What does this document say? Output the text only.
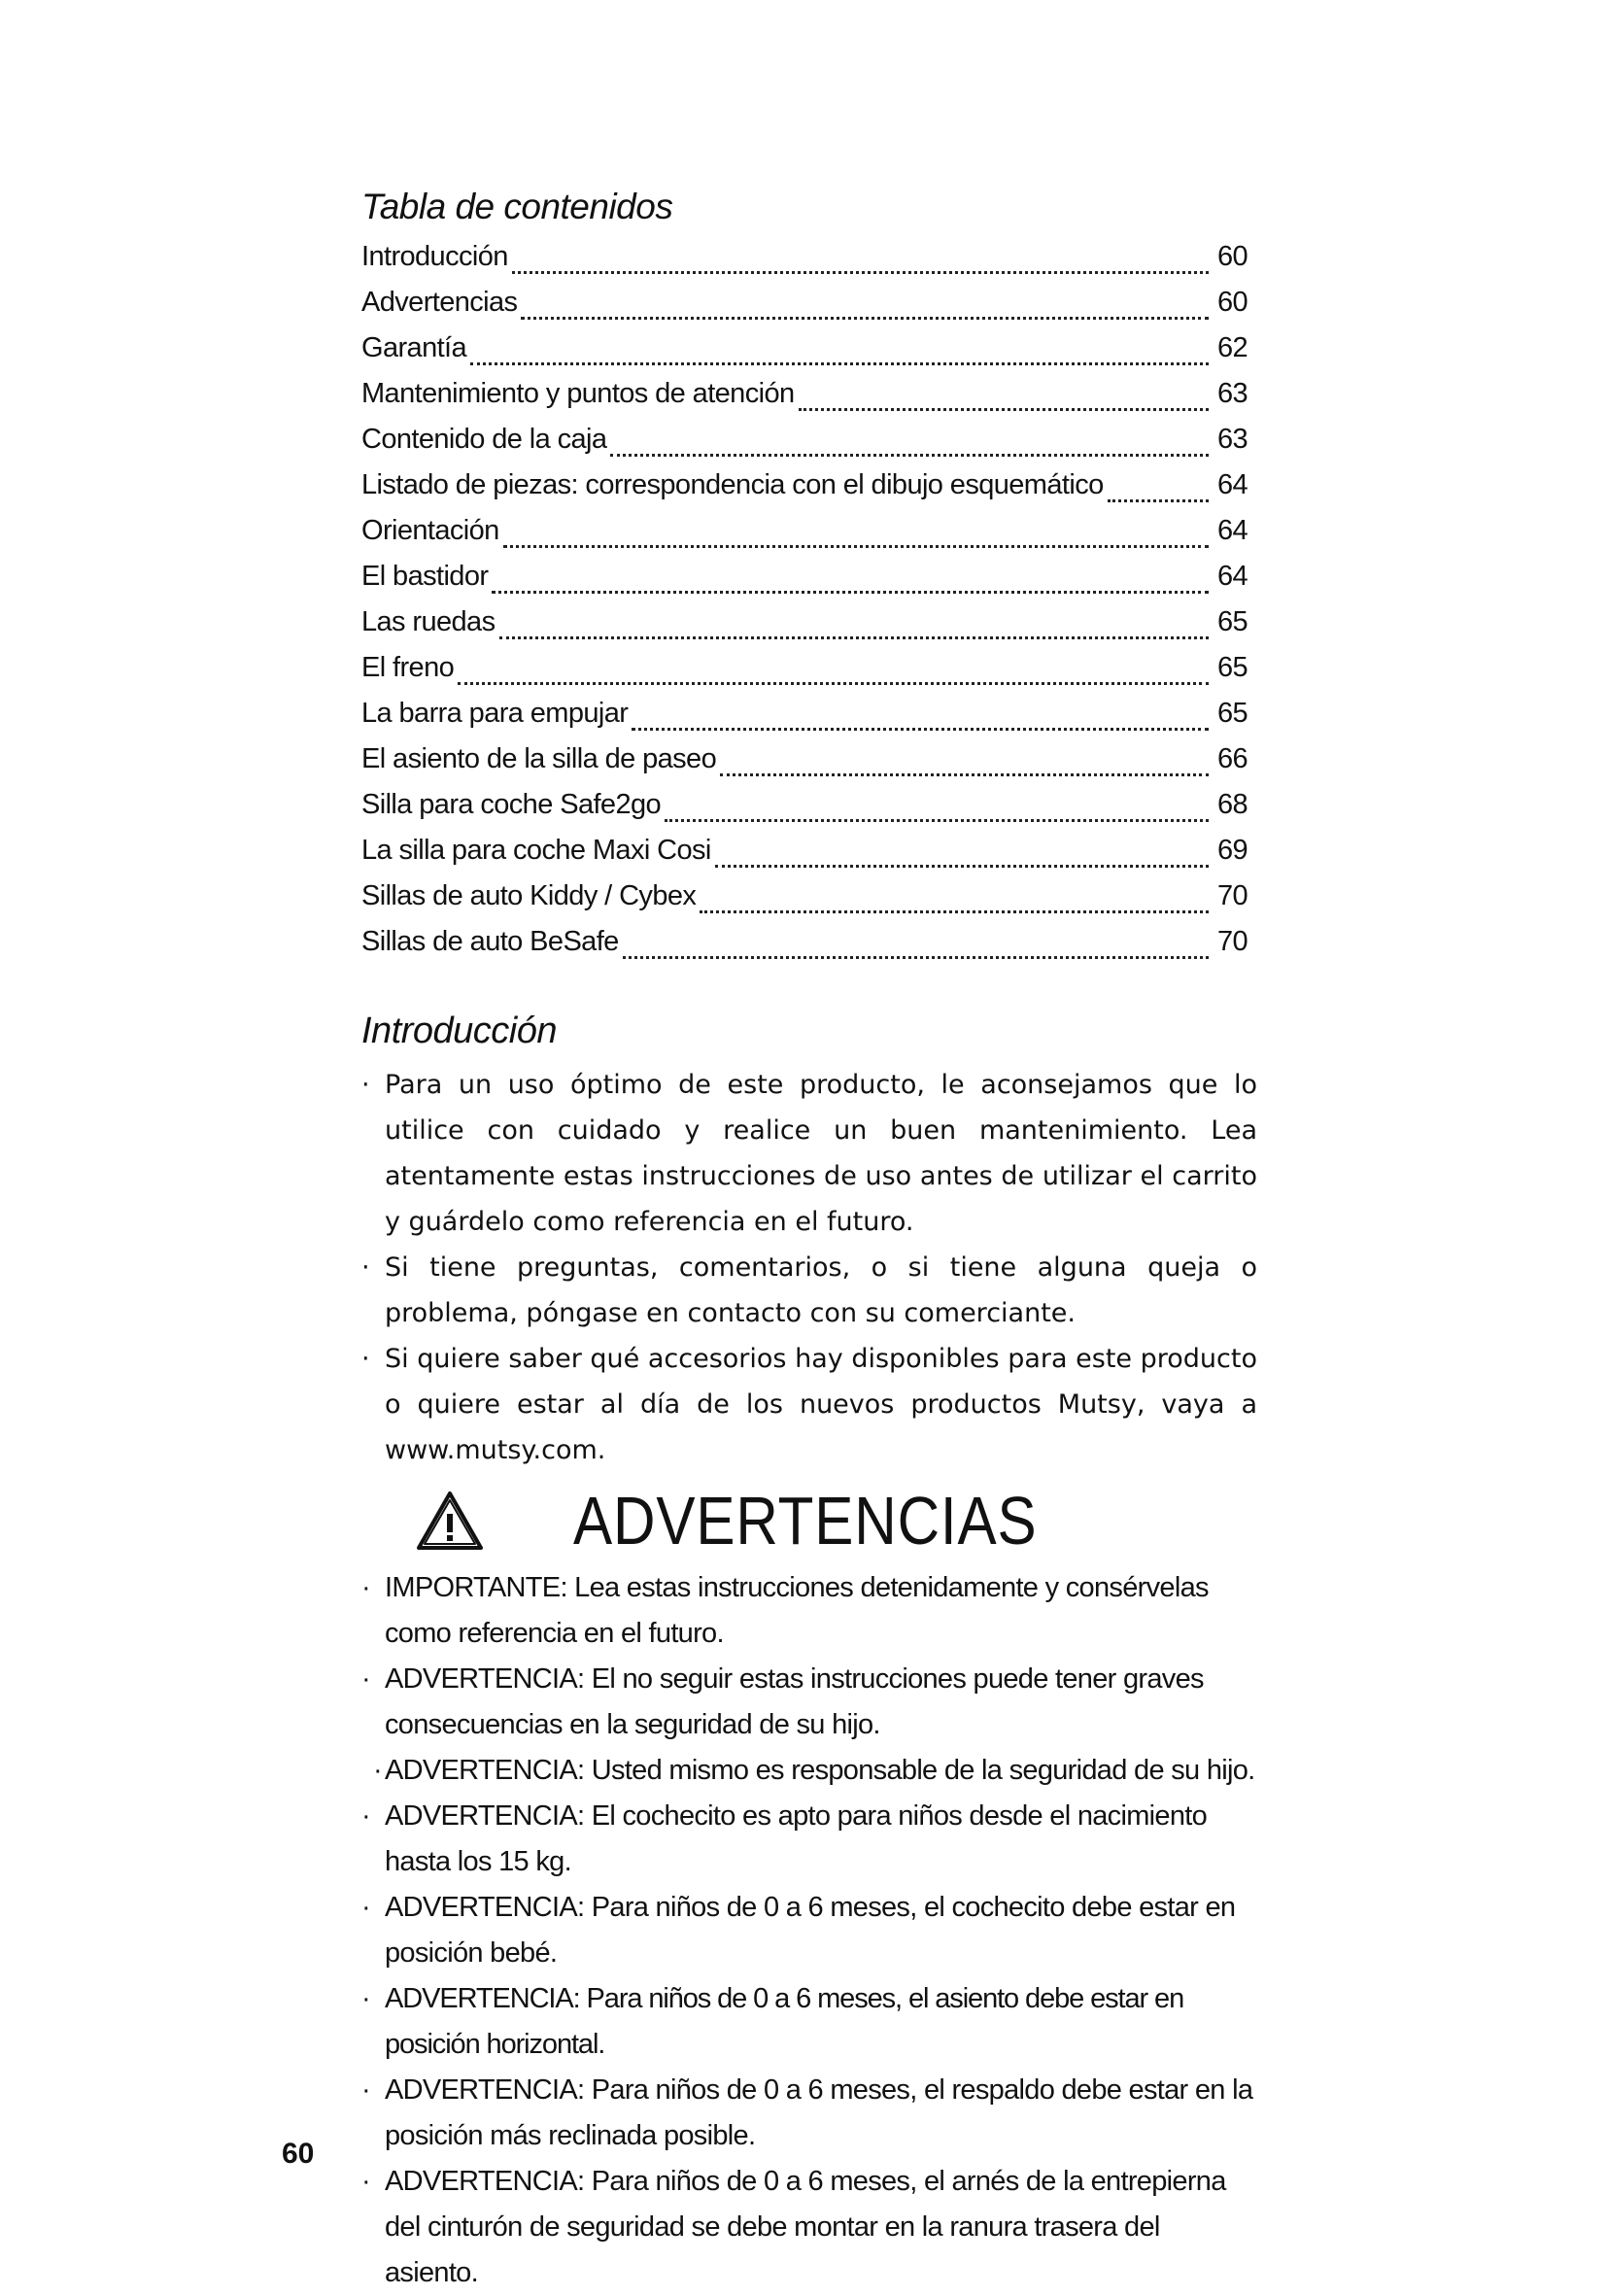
Tabla de contenidos
Introducción	60
Advertencias	60
Garantía	62
Mantenimiento y puntos de atención	63
Contenido de la caja	63
Listado de piezas: correspondencia con el dibujo esquemático	64
Orientación	64
El bastidor	64
Las ruedas	65
El freno	65
La barra para empujar	65
El asiento de la silla de paseo	66
Silla para coche Safe2go	68
La silla para coche Maxi Cosi	69
Sillas de auto Kiddy / Cybex	70
Sillas de auto BeSafe	70
Introducción
· Para un uso óptimo de este producto, le aconsejamos que lo utilice con cuidado y realice un buen mantenimiento. Lea atentamente estas instrucciones de uso antes de utilizar el carrito y guárdelo como referencia en el futuro.
· Si tiene preguntas, comentarios, o si tiene alguna queja o problema, póngase en contacto con su comerciante.
· Si quiere saber qué accesorios hay disponibles para este producto o quiere estar al día de los nuevos productos Mutsy, vaya a www.mutsy.com.
ADVERTENCIAS
· IMPORTANTE: Lea estas instrucciones detenidamente y consérvelas como referencia en el futuro.
· ADVERTENCIA: El no seguir estas instrucciones puede tener graves consecuencias en la seguridad de su hijo.
· ADVERTENCIA: Usted mismo es responsable de la seguridad de su hijo.
· ADVERTENCIA: El cochecito es apto para niños desde el nacimiento hasta los 15 kg.
· ADVERTENCIA: Para niños de 0 a 6 meses, el cochecito debe estar en posición bebé.
· ADVERTENCIA: Para niños de 0 a 6 meses, el asiento debe estar en posición horizontal.
· ADVERTENCIA: Para niños de 0 a 6 meses, el respaldo debe estar en la posición más reclinada posible.
· ADVERTENCIA: Para niños de 0 a 6 meses, el arnés de la entrepierna del cinturón de seguridad se debe montar en la ranura trasera del asiento.
60
